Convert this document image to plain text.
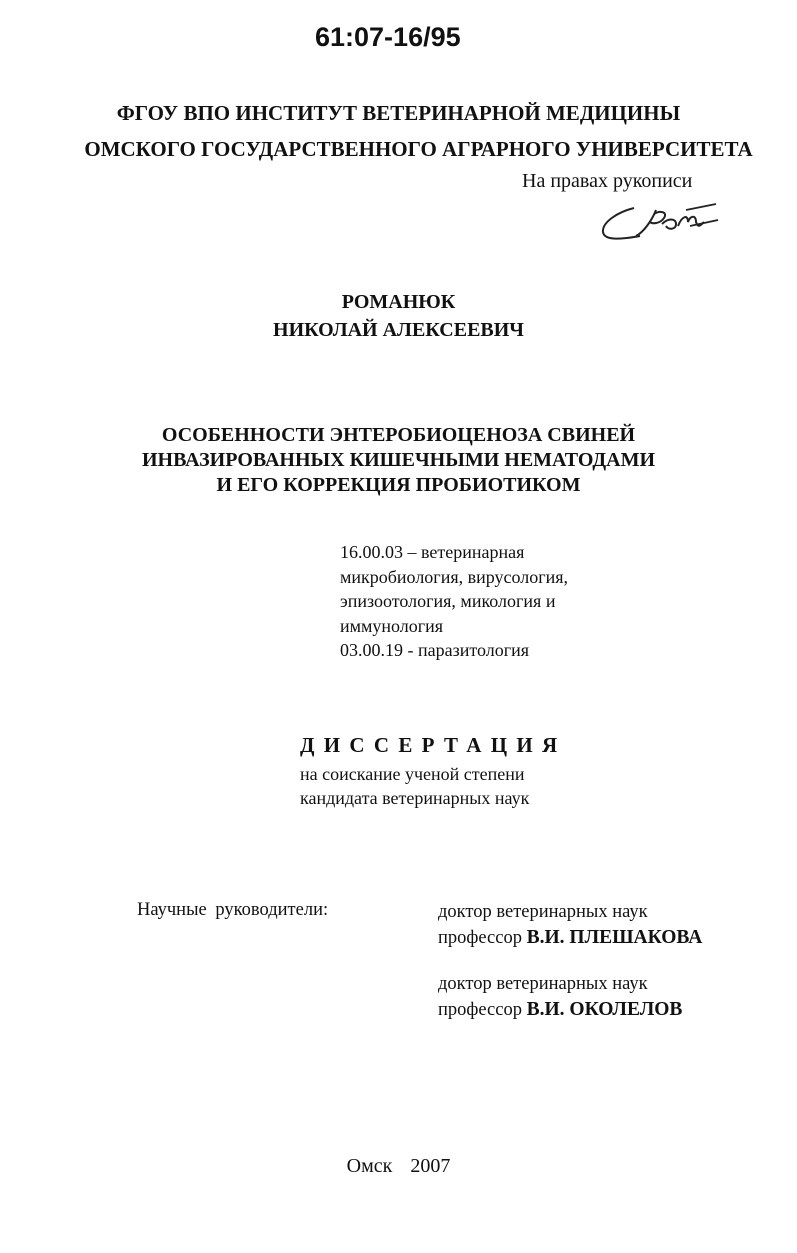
61:07-16/95
ФГОУ ВПО ИНСТИТУТ ВЕТЕРИНАРНОЙ МЕДИЦИНЫ
ОМСКОГО ГОСУДАРСТВЕННОГО АГРАРНОГО УНИВЕРСИТЕТА
На правах рукописи
РОМАНЮК
НИКОЛАЙ АЛЕКСЕЕВИЧ
ОСОБЕННОСТИ ЭНТЕРОБИОЦЕНОЗА СВИНЕЙ
ИНВАЗИРОВАННЫХ КИШЕЧНЫМИ НЕМАТОДАМИ
И ЕГО КОРРЕКЦИЯ ПРОБИОТИКОМ
16.00.03 – ветеринарная
микробиология, вирусология,
эпизоотология, микология и
иммунология
03.00.19 - паразитология
ДИССЕРТАЦИЯ
на соискание ученой степени
кандидата ветеринарных наук
Научные руководители:	доктор ветеринарных наук
профессор В.И. ПЛЕШАКОВА
доктор ветеринарных наук
профессор В.И. ОКОЛЕЛОВ
Омск  2007
